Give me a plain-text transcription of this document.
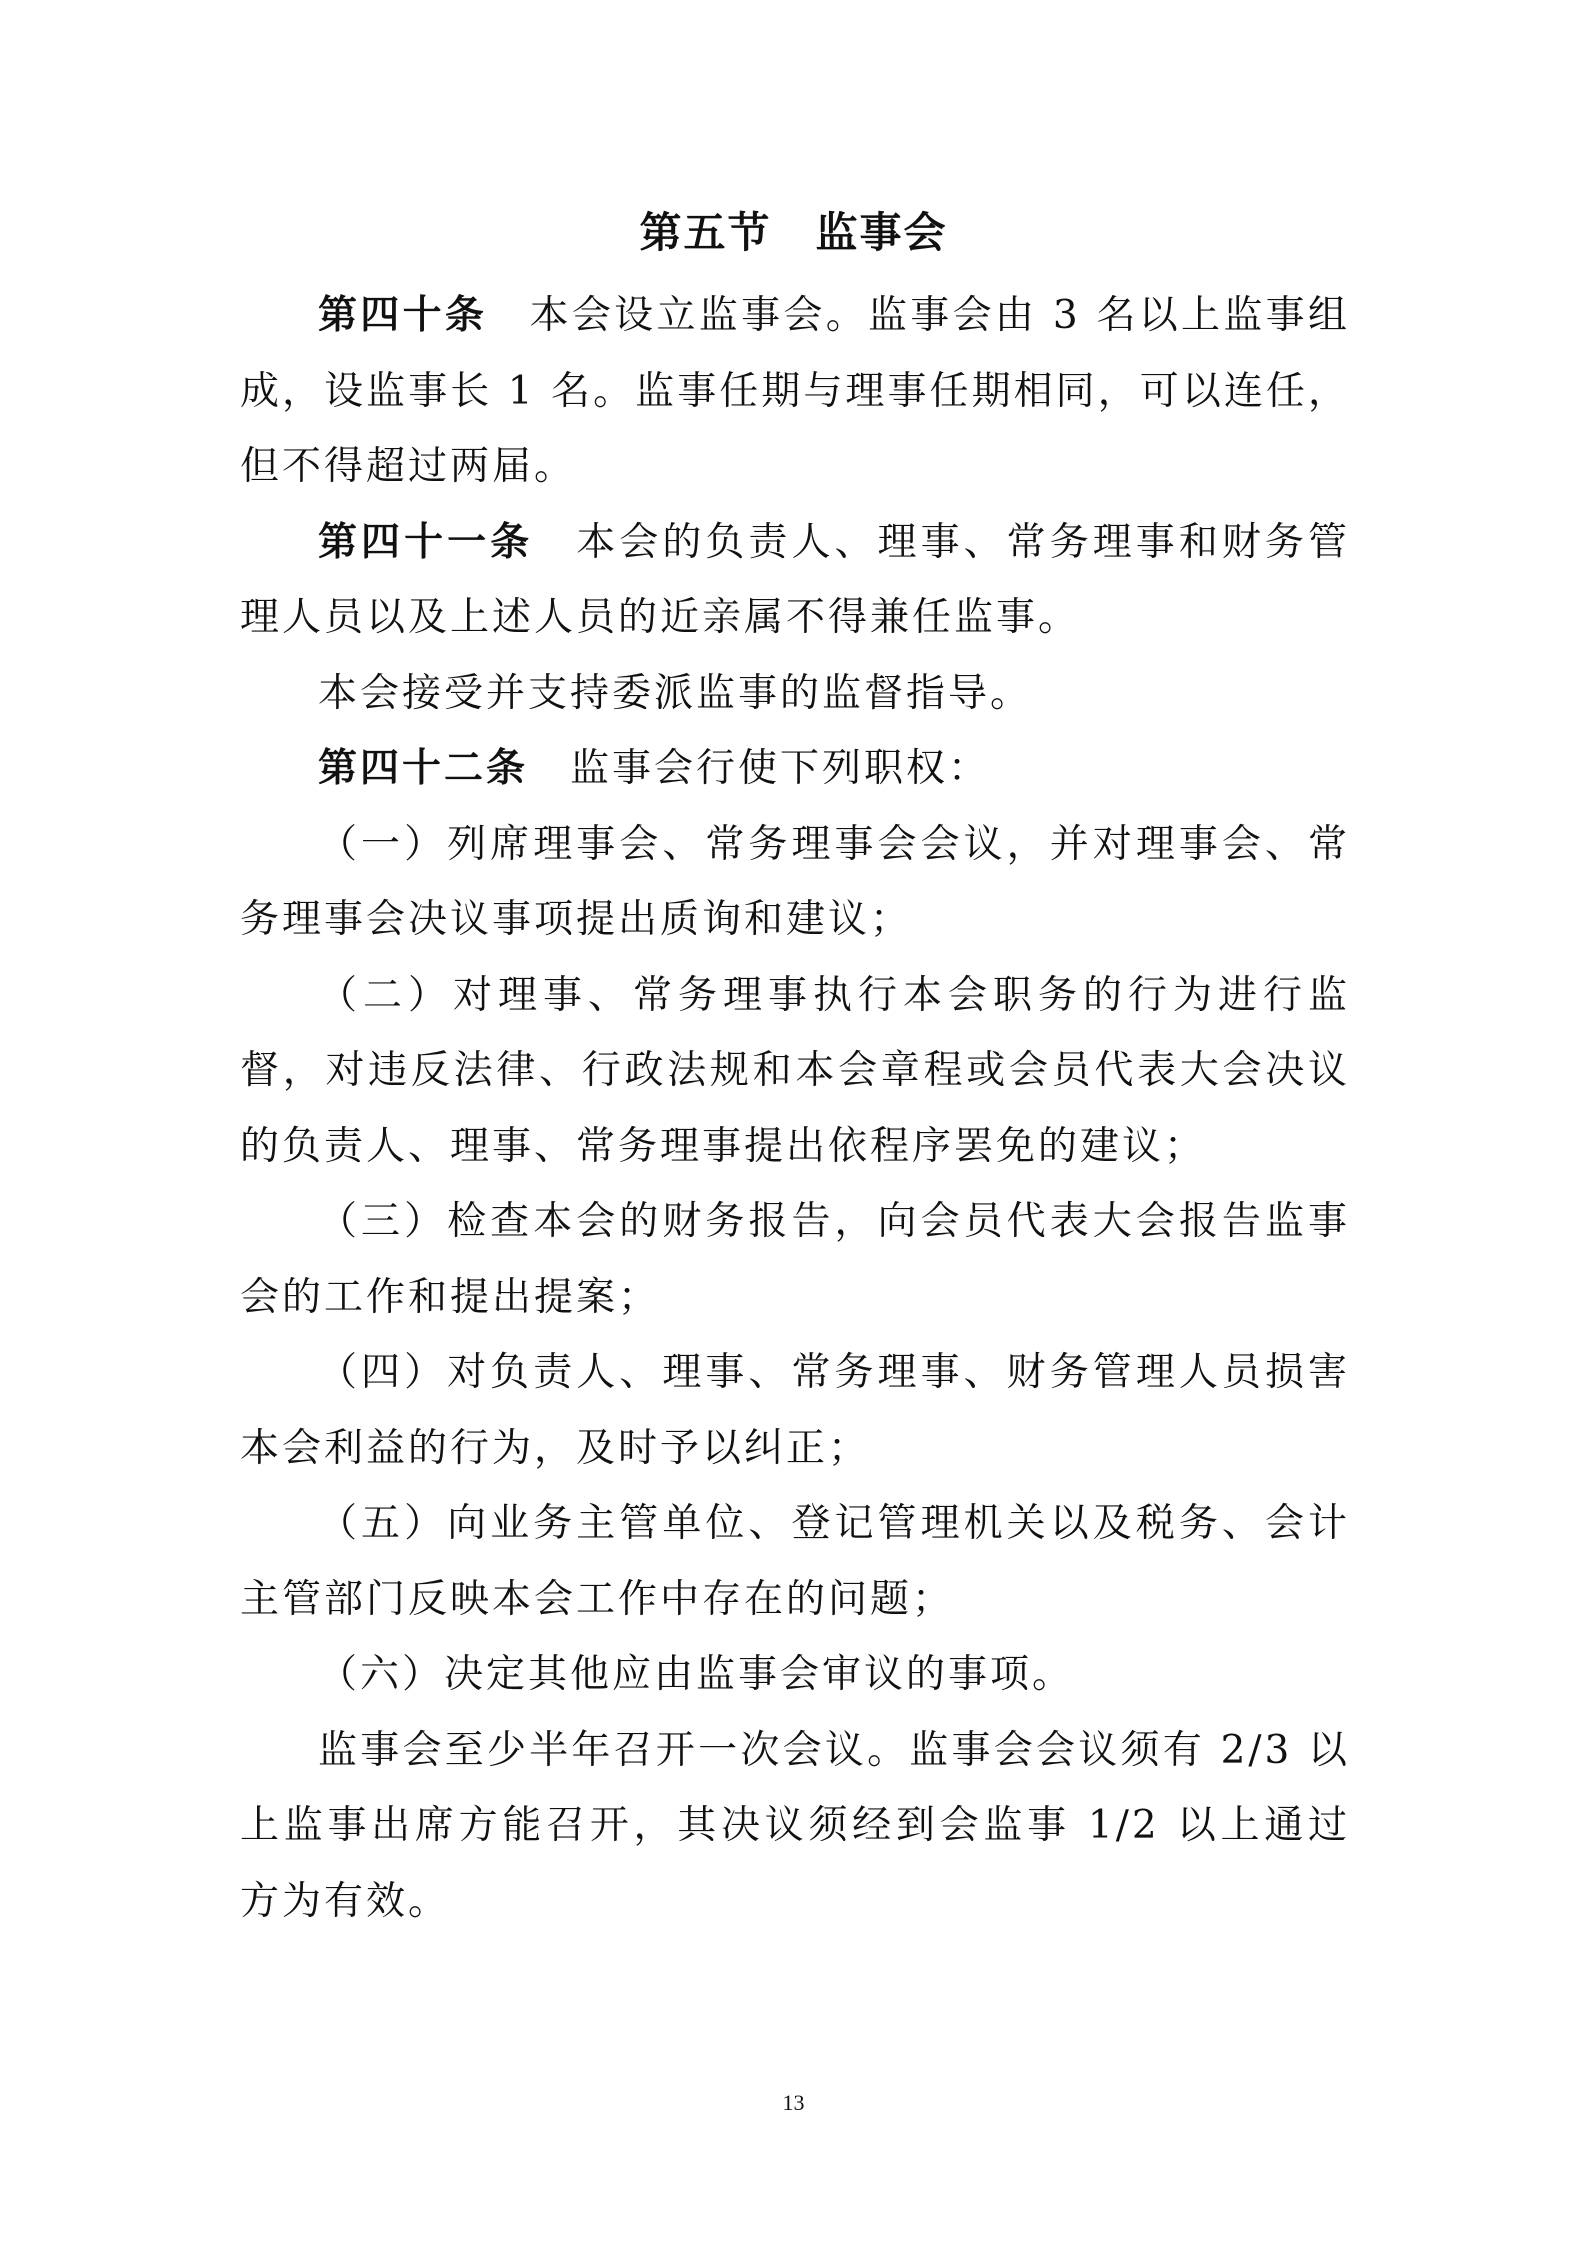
第五节　监事会

第四十条 本会设立监事会。监事会由 3 名以上监事组成，设监事长 1 名。监事任期与理事任期相同，可以连任，但不得超过两届。

第四十一条 本会的负责人、理事、常务理事和财务管理人员以及上述人员的近亲属不得兼任监事。

本会接受并支持委派监事的监督指导。

第四十二条 监事会行使下列职权：

（一）列席理事会、常务理事会会议，并对理事会、常务理事会决议事项提出质询和建议；

（二）对理事、常务理事执行本会职务的行为进行监督，对违反法律、行政法规和本会章程或会员代表大会决议的负责人、理事、常务理事提出依程序罢免的建议；

（三）检查本会的财务报告，向会员代表大会报告监事会的工作和提出提案；

（四）对负责人、理事、常务理事、财务管理人员损害本会利益的行为，及时予以纠正；

（五）向业务主管单位、登记管理机关以及税务、会计主管部门反映本会工作中存在的问题；

（六）决定其他应由监事会审议的事项。

监事会至少半年召开一次会议。监事会会议须有 2/3 以上监事出席方能召开，其决议须经到会监事 1/2 以上通过方为有效。

13
